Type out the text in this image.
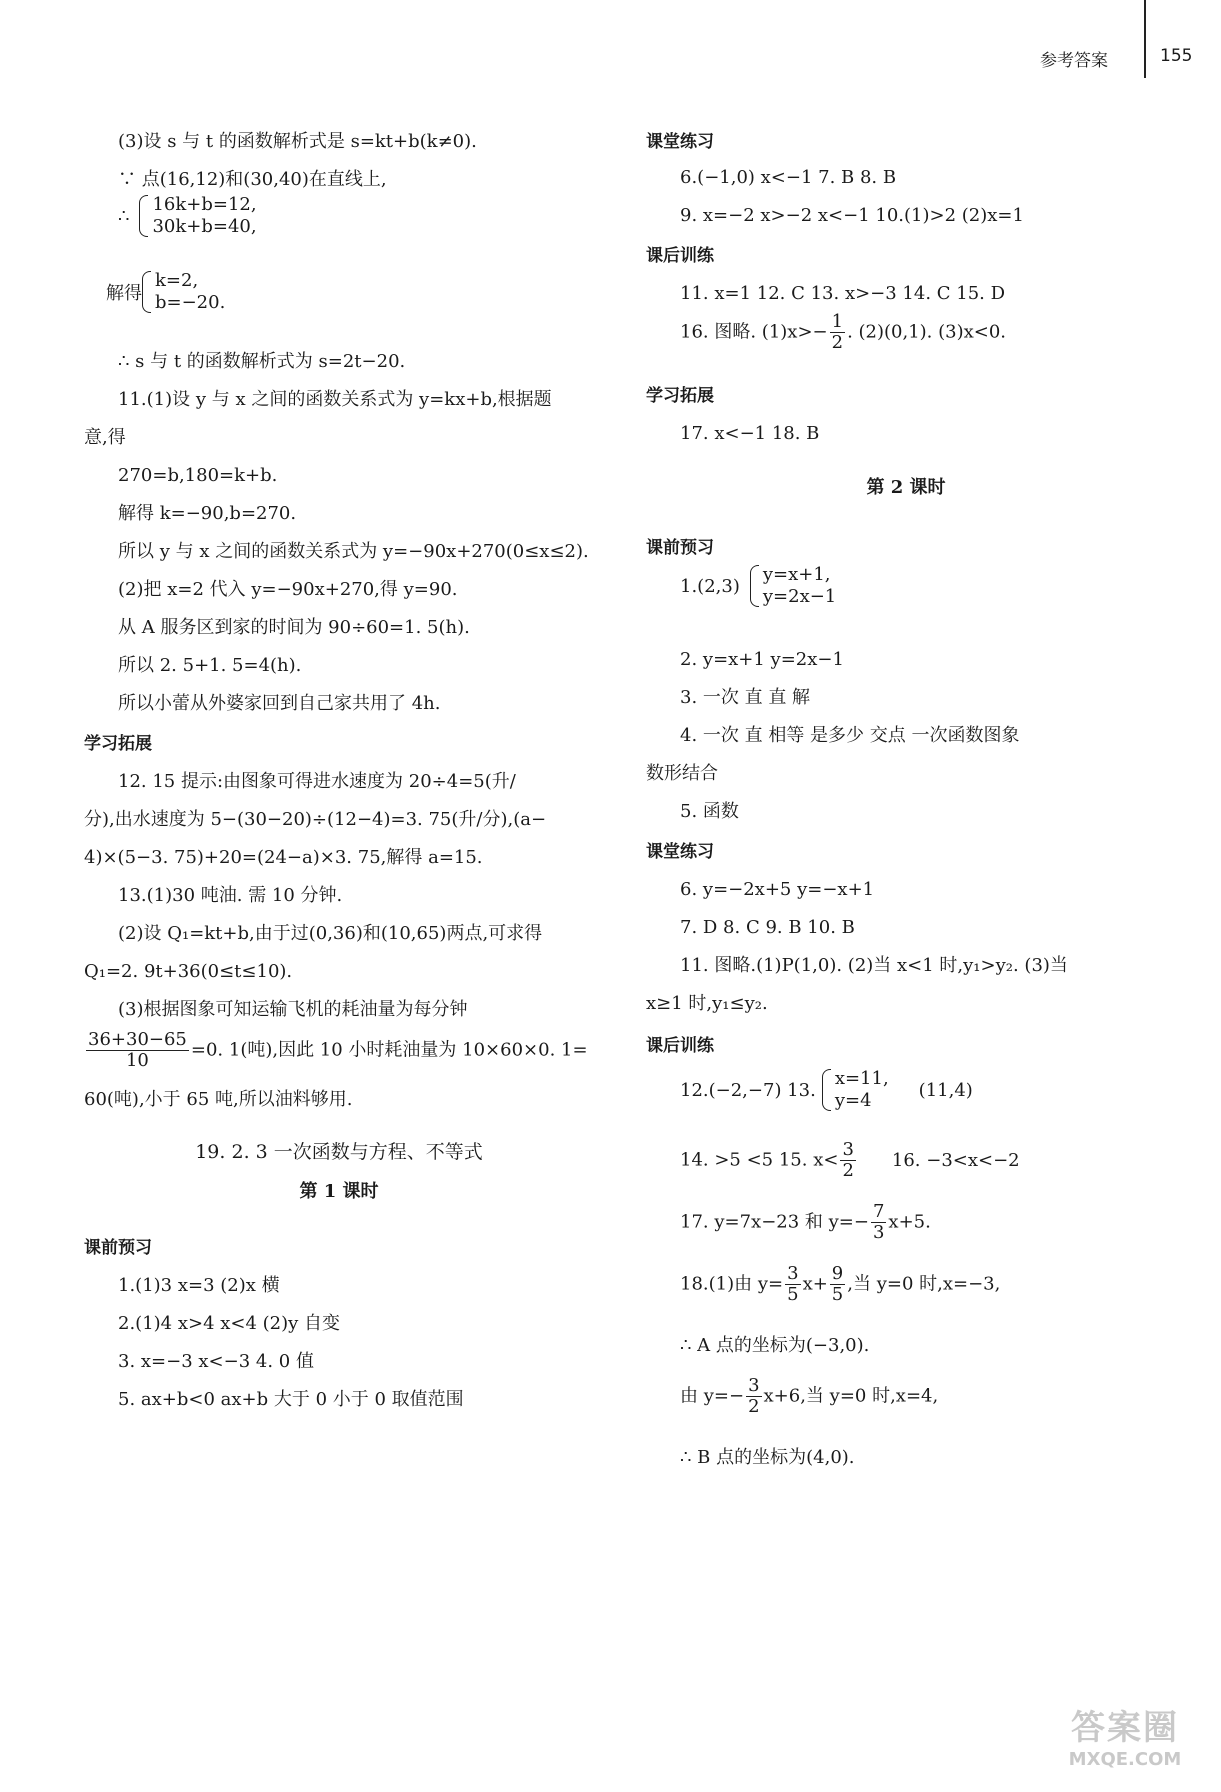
参考答案	155
(3)设 s 与 t 的函数解析式是 s=kt+b(k≠0).
∵ 点(16,12)和(30,40)在直线上,
∴
16k+b=12,
30k+b=40,
解得
k=2,
b=−20.
∴ s 与 t 的函数解析式为 s=2t−20.
11.(1)设 y 与 x 之间的函数关系式为 y=kx+b,根据题
意,得
270=b,180=k+b.
解得 k=−90,b=270.
所以 y 与 x 之间的函数关系式为 y=−90x+270(0≤x≤2).
(2)把 x=2 代入 y=−90x+270,得 y=90.
从 A 服务区到家的时间为 90÷60=1. 5(h).
所以 2. 5+1. 5=4(h).
所以小蕾从外婆家回到自己家共用了 4h.
学习拓展
12. 15 提示:由图象可得进水速度为 20÷4=5(升/
分),出水速度为 5−(30−20)÷(12−4)=3. 75(升/分),(a−
4)×(5−3. 75)+20=(24−a)×3. 75,解得 a=15.
13.(1)30 吨油. 需 10 分钟.
(2)设 Q₁=kt+b,由于过(0,36)和(10,65)两点,可求得
Q₁=2. 9t+36(0≤t≤10).
(3)根据图象可知运输飞机的耗油量为每分钟
$\frac{36+30-65}{10} =0$. 1(吨),因此 10 小时耗油量为 10×60×0. 1=
60(吨),小于 65 吨,所以油料够用.
19. 2. 3 一次函数与方程、不等式
第 1 课时
课前预习
1.(1)3 x=3 (2)x 横
2.(1)4 x>4 x<4 (2)y 自变
3. x=−3 x<−3 4. 0 值
5. ax+b<0 ax+b 大于 0 小于 0 取值范围
课堂练习
6.(−1,0) x<−1 7. B 8. B
9. x=−2 x>−2 x<−1 10.(1)>2 (2)x=1
课后训练
11. x=1 12. C 13. x>−3 14. C 15. D
16. 图略. $(1)x>- \frac{1}{2}$ . (2)(0,1). (3)x<0.
学习拓展
17. x<−1 18. B
第 2 课时
课前预习
1.(2,3)
y=x+1,
y=2x−1
2. y=x+1 y=2x−1
3. 一次 直 直 解
4. 一次 直 相等 是多少 交点 一次函数图象
数形结合
5. 函数
课堂练习
6. y=−2x+5 y=−x+1
7. D 8. C 9. B 10. B
11. 图略.(1)P(1,0). (2)当 x<1 时,y₁>y₂. (3)当
x≥1 时,y₁≤y₂.
课后训练
12.(−2,−7) 13.
x=11,
y=4	(11,4)
14. >5 <5 15. $x< \frac{3}{2} 16$. −3<x<−2
17. y=7x−23 和 $y=- \frac{7}{3} x+5$.
18.(1)由 $y= \frac{3}{5} x+ \frac{9}{5}$ ,当 y=0 时,x=−3,
∴ A 点的坐标为(−3,0).
由 $y=- \frac{3}{2} x+6$,当 y=0 时,x=4,
∴ B 点的坐标为(4,0).
答案圈
MXQE.COM
